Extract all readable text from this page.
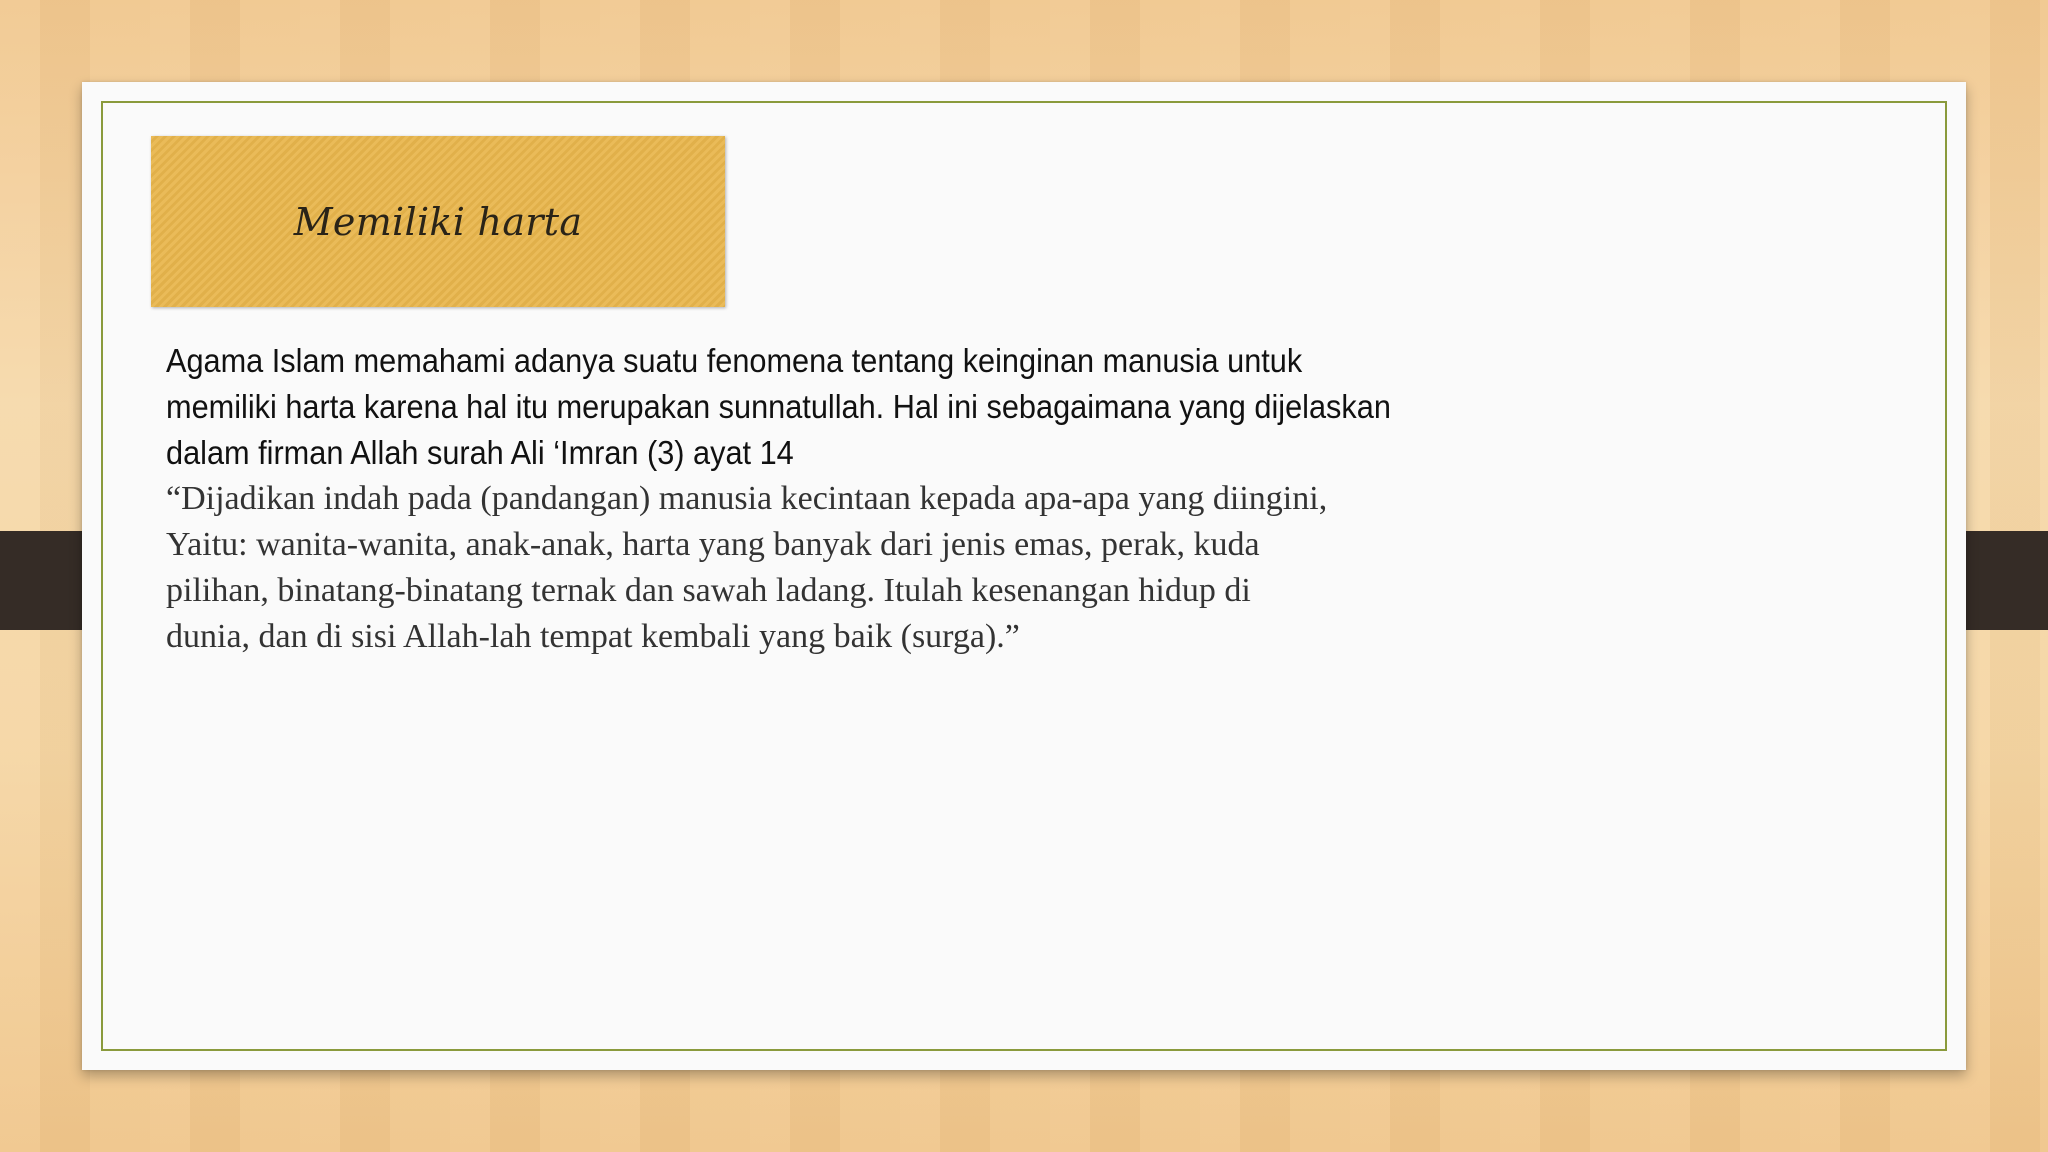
Memiliki harta

Agama Islam memahami adanya suatu fenomena tentang keinginan manusia untuk
memiliki harta karena hal itu merupakan sunnatullah. Hal ini sebagaimana yang dijelaskan
dalam firman Allah surah Ali ‘Imran (3) ayat 14

“Dijadikan indah pada (pandangan) manusia kecintaan kepada apa-apa yang diingini,
Yaitu: wanita-wanita, anak-anak, harta yang banyak dari jenis emas, perak, kuda
pilihan, binatang-binatang ternak dan sawah ladang. Itulah kesenangan hidup di
dunia, dan di sisi Allah-lah tempat kembali yang baik (surga).”
